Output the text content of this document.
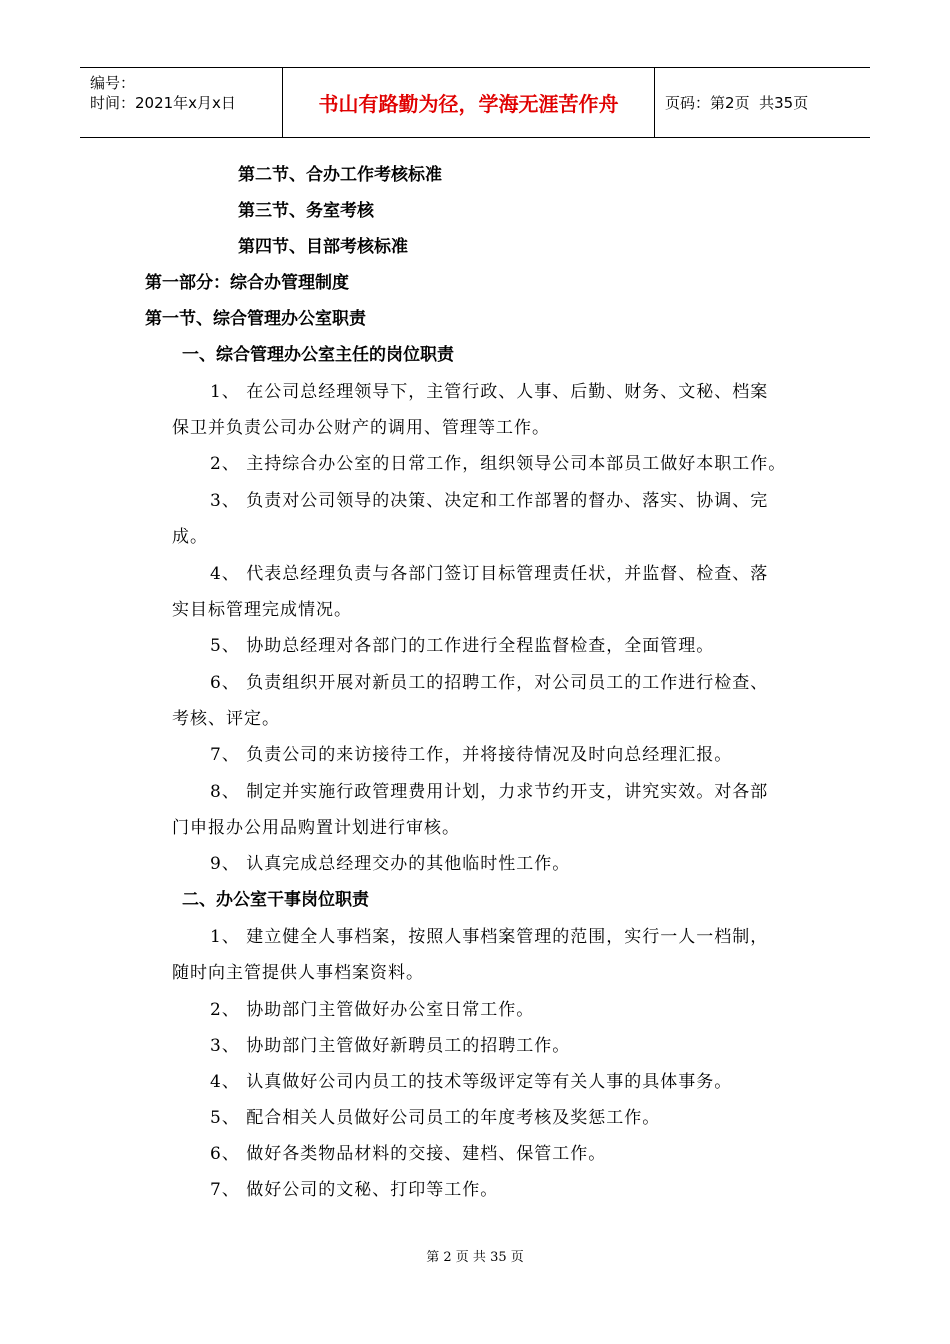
编号：
时间：2021年x月x日	书山有路勤为径，学海无涯苦作舟	页码：第 2 页  共 35 页
第二节、合办工作考核标准
第三节、务室考核
第四节、目部考核标准
第一部分：综合办管理制度
第一节、综合管理办公室职责
一、综合管理办公室主任的岗位职责
1、 在公司总经理领导下，主管行政、人事、后勤、财务、文秘、档案
保卫并负责公司办公财产的调用、管理等工作。
2、 主持综合办公室的日常工作，组织领导公司本部员工做好本职工作。
3、 负责对公司领导的决策、决定和工作部署的督办、落实、协调、完
成。
4、 代表总经理负责与各部门签订目标管理责任状，并监督、检查、落
实目标管理完成情况。
5、 协助总经理对各部门的工作进行全程监督检查，全面管理。
6、 负责组织开展对新员工的招聘工作，对公司员工的工作进行检查、
考核、评定。
7、 负责公司的来访接待工作，并将接待情况及时向总经理汇报。
8、 制定并实施行政管理费用计划，力求节约开支，讲究实效。对各部
门申报办公用品购置计划进行审核。
9、 认真完成总经理交办的其他临时性工作。
二、办公室干事岗位职责
1、 建立健全人事档案，按照人事档案管理的范围，实行一人一档制，
随时向主管提供人事档案资料。
2、 协助部门主管做好办公室日常工作。
3、 协助部门主管做好新聘员工的招聘工作。
4、 认真做好公司内员工的技术等级评定等有关人事的具体事务。
5、 配合相关人员做好公司员工的年度考核及奖惩工作。
6、 做好各类物品材料的交接、建档、保管工作。
7、 做好公司的文秘、打印等工作。
第 2 页 共 35 页
